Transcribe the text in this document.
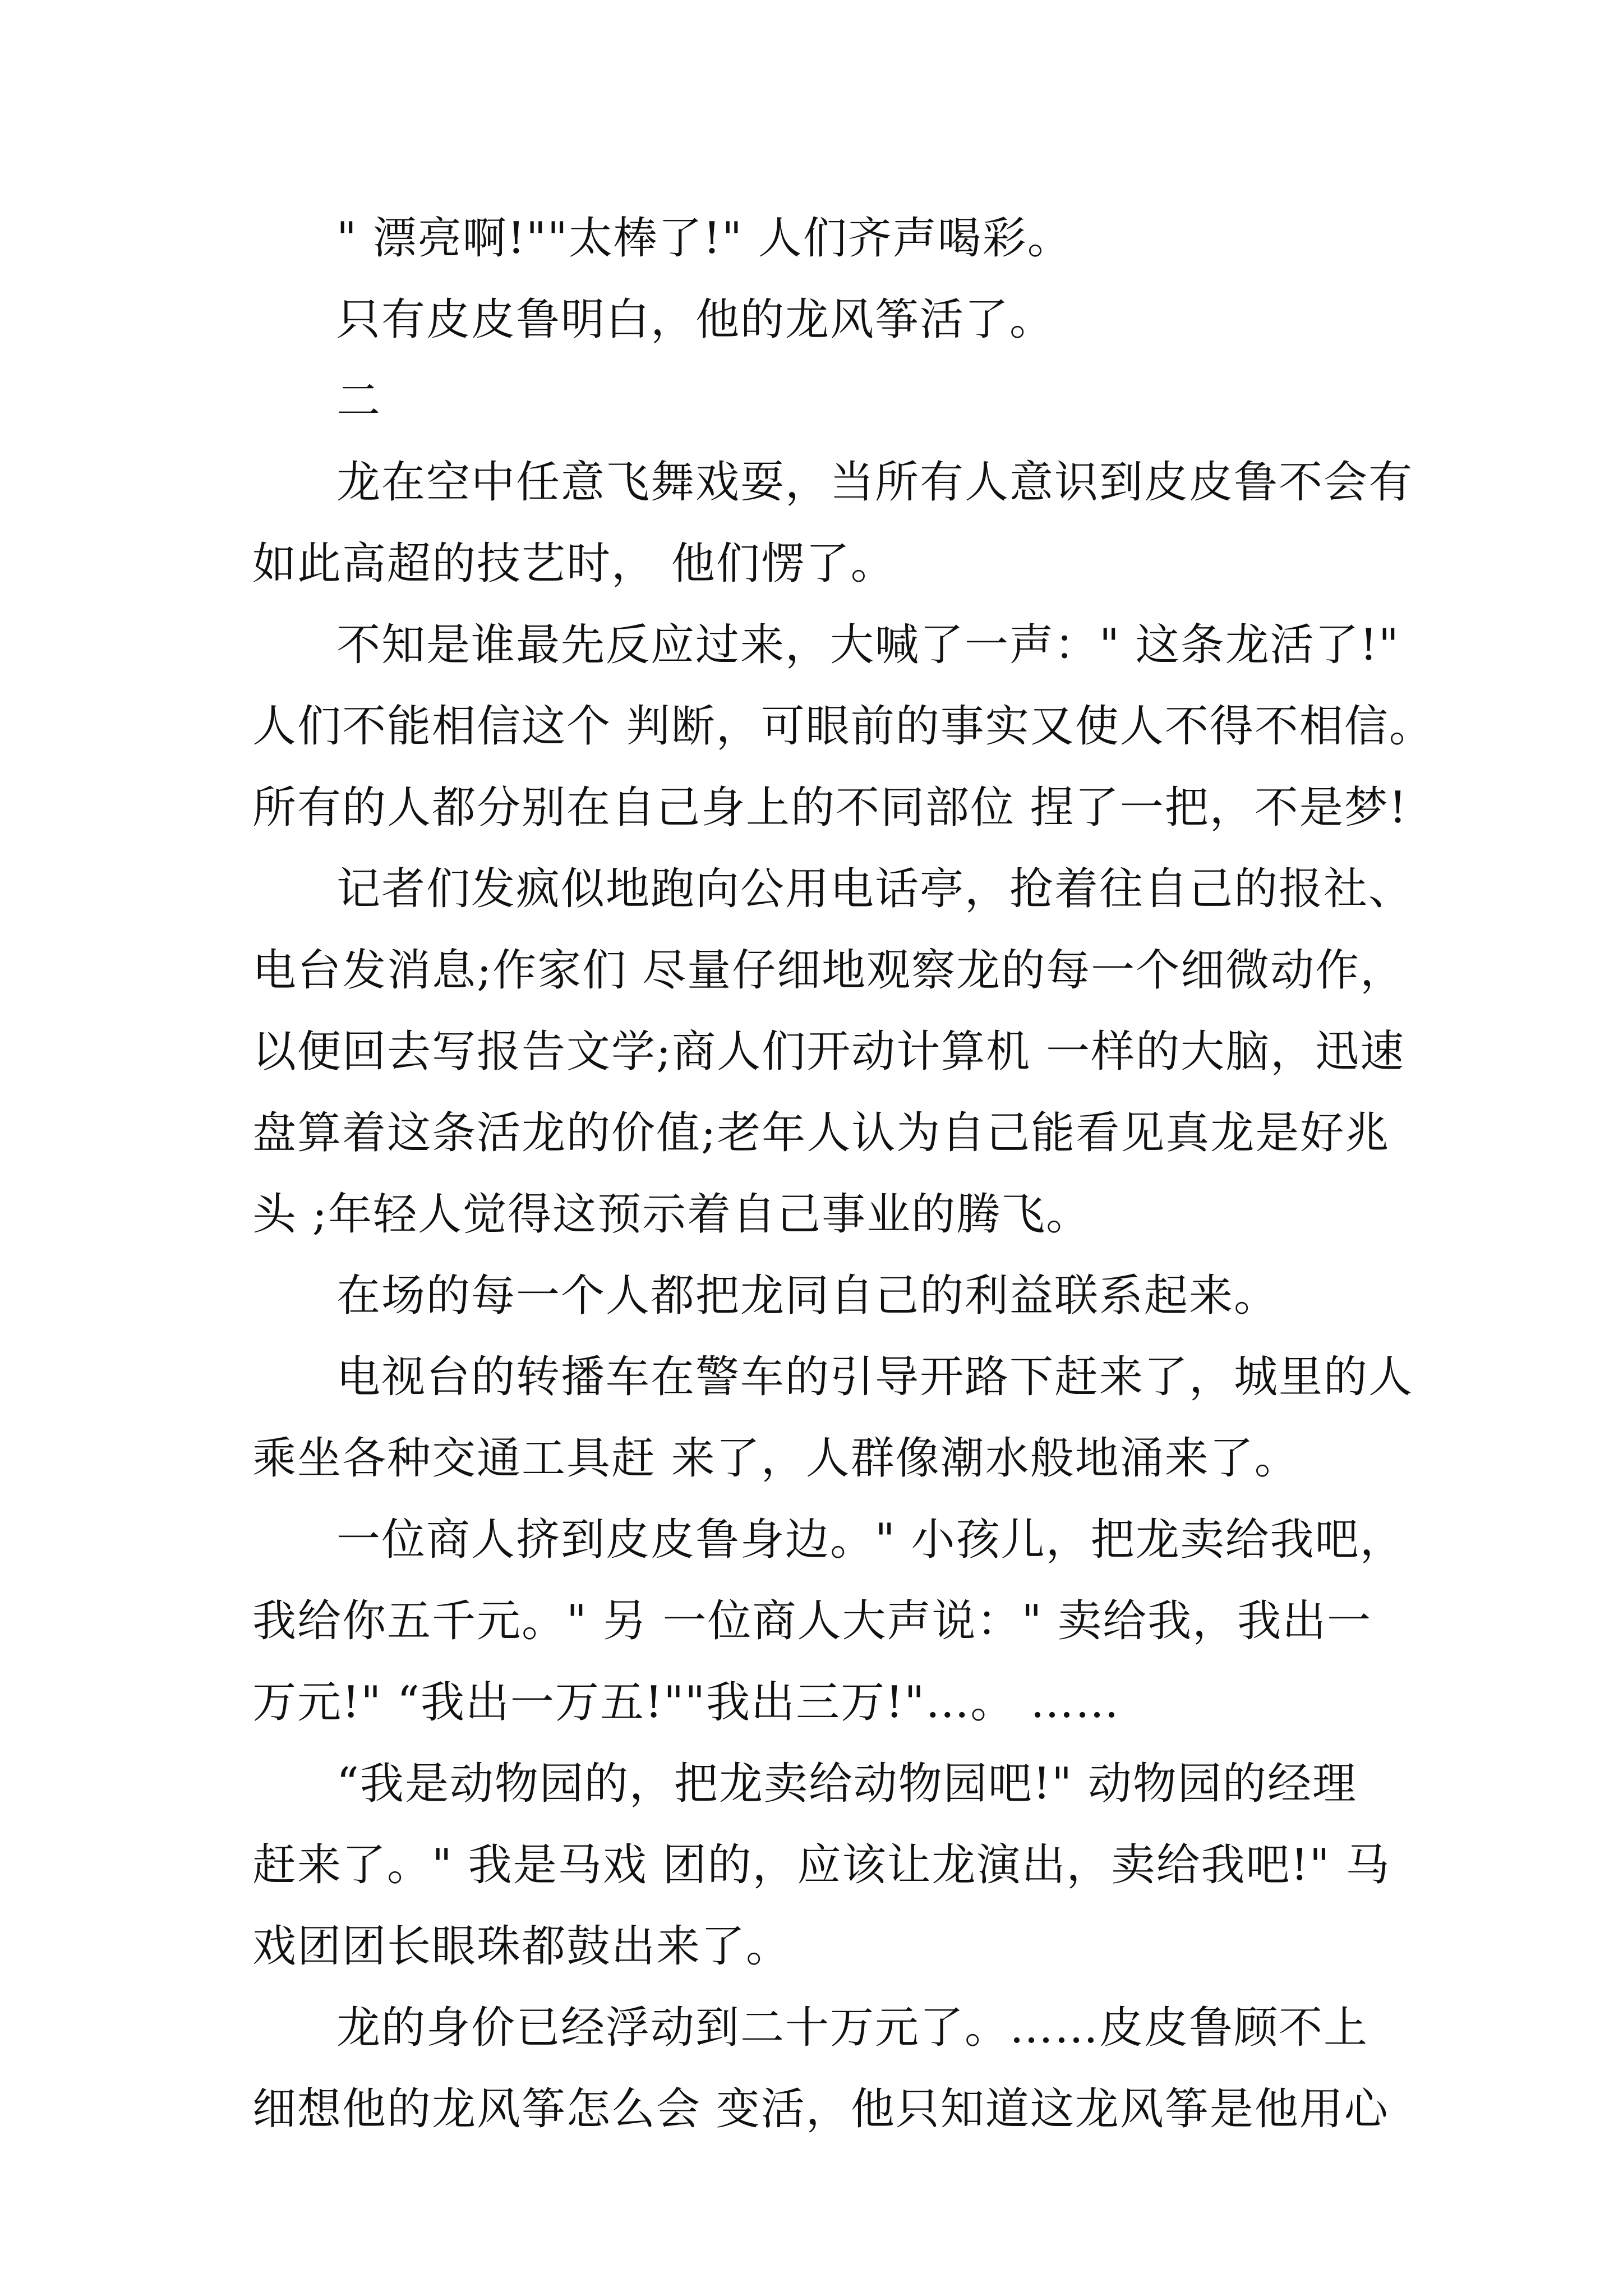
" 漂亮啊!""太棒了!" 人们齐声喝彩。
只有皮皮鲁明白，他的龙风筝活了。
二
龙在空中任意飞舞戏耍，当所有人意识到皮皮鲁不会有
如此高超的技艺时， 他们愣了。
不知是谁最先反应过来，大喊了一声：" 这条龙活了!"
人们不能相信这个 判断，可眼前的事实又使人不得不相信。
所有的人都分别在自己身上的不同部位 捏了一把，不是梦!
记者们发疯似地跑向公用电话亭，抢着往自己的报社、
电台发消息;作家们 尽量仔细地观察龙的每一个细微动作，
以便回去写报告文学;商人们开动计算机 一样的大脑，迅速
盘算着这条活龙的价值;老年人认为自己能看见真龙是好兆
头 ;年轻人觉得这预示着自己事业的腾飞。
在场的每一个人都把龙同自己的利益联系起来。
电视台的转播车在警车的引导开路下赶来了，城里的人
乘坐各种交通工具赶 来了，人群像潮水般地涌来了。
一位商人挤到皮皮鲁身边。" 小孩儿，把龙卖给我吧，
我给你五千元。" 另 一位商人大声说：" 卖给我，我出一
万元!" “我出一万五!""我出三万!"…。 ……
“我是动物园的，把龙卖给动物园吧!" 动物园的经理
赶来了。" 我是马戏 团的，应该让龙演出，卖给我吧!" 马
戏团团长眼珠都鼓出来了。
龙的身价已经浮动到二十万元了。……皮皮鲁顾不上
细想他的龙风筝怎么会 变活，他只知道这龙风筝是他用心
